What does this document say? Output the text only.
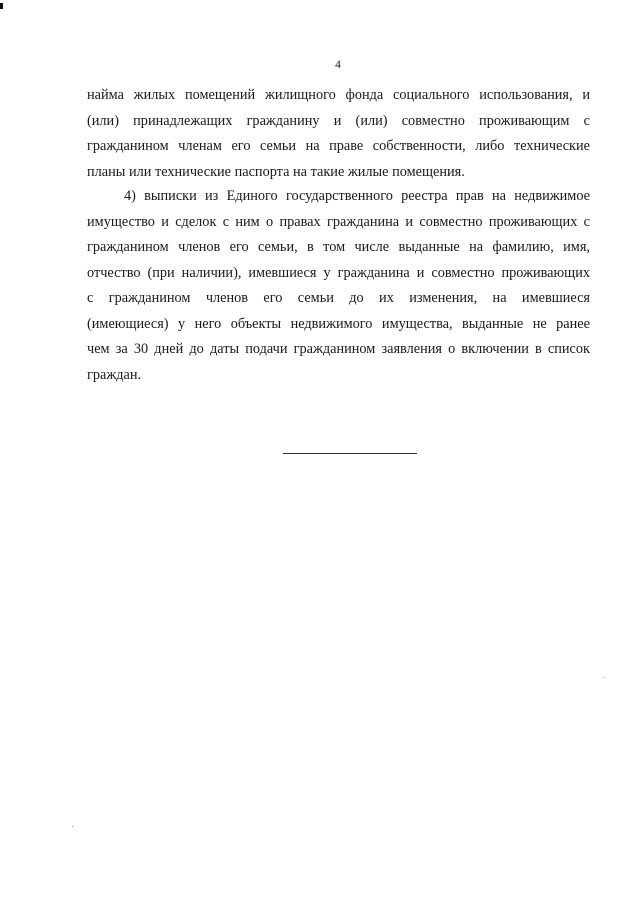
4
найма жилых помещений жилищного фонда социального использования, и
(или) принадлежащих гражданину и (или) совместно проживающим с
гражданином членам его семьи на праве собственности, либо технические
планы или технические паспорта на такие жилые помещения.
4) выписки из Единого государственного реестра прав на недвижимое
имущество и сделок с ним о правах гражданина и совместно проживающих с
гражданином членов его семьи, в том числе выданные на фамилию, имя,
отчество (при наличии), имевшиеся у гражданина и совместно проживающих
с гражданином членов его семьи до их изменения, на имевшиеся
(имеющиеся) у него объекты недвижимого имущества, выданные не ранее
чем за 30 дней до даты подачи гражданином заявления о включении в список
граждан.
